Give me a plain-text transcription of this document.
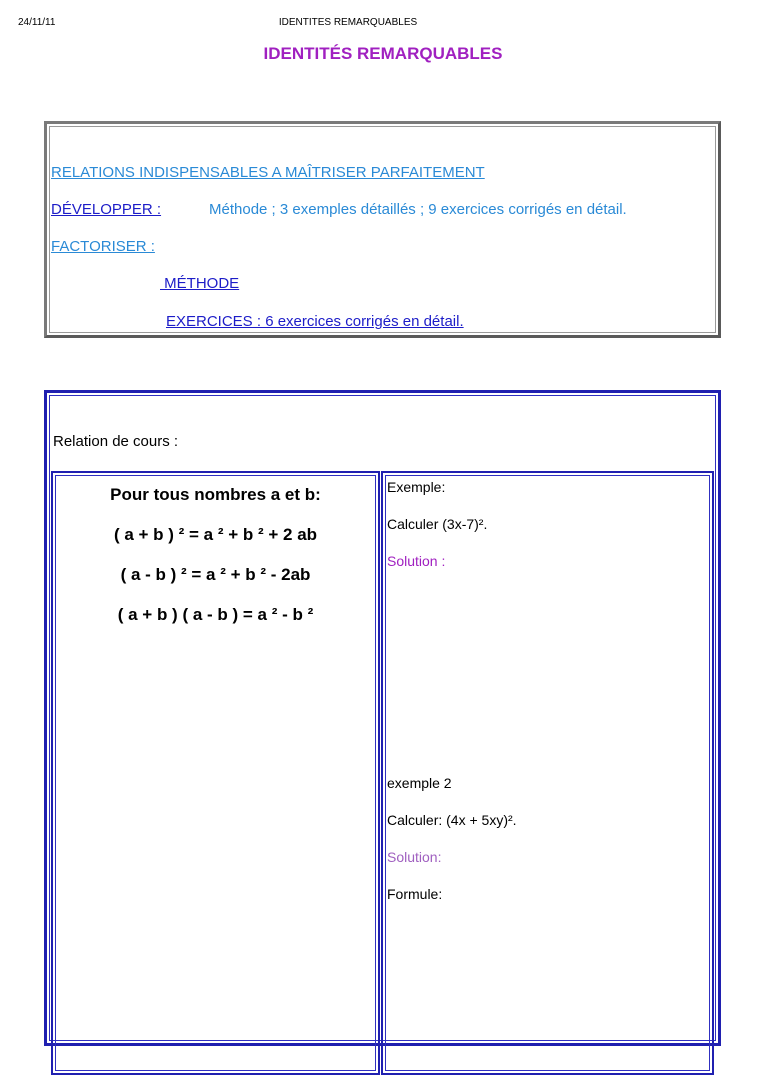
24/11/11	IDENTITES REMARQUABLES
IDENTITÉS REMARQUABLES
RELATIONS INDISPENSABLES A MAÎTRISER PARFAITEMENT
DÉVELOPPER :	Méthode ; 3 exemples détaillés ; 9 exercices corrigés en détail.
FACTORISER :
MÉTHODE
EXERCICES : 6 exercices corrigés en détail.
Relation de cours :
Pour tous nombres a et b:
( a + b ) ² = a ² + b ² + 2 ab
( a - b ) ² = a ² + b ² - 2ab
( a + b ) ( a - b ) = a ² - b ²
Exemple:
Calculer (3x-7)².
Solution :
exemple 2
Calculer: (4x + 5xy)².
Solution:
Formule:
